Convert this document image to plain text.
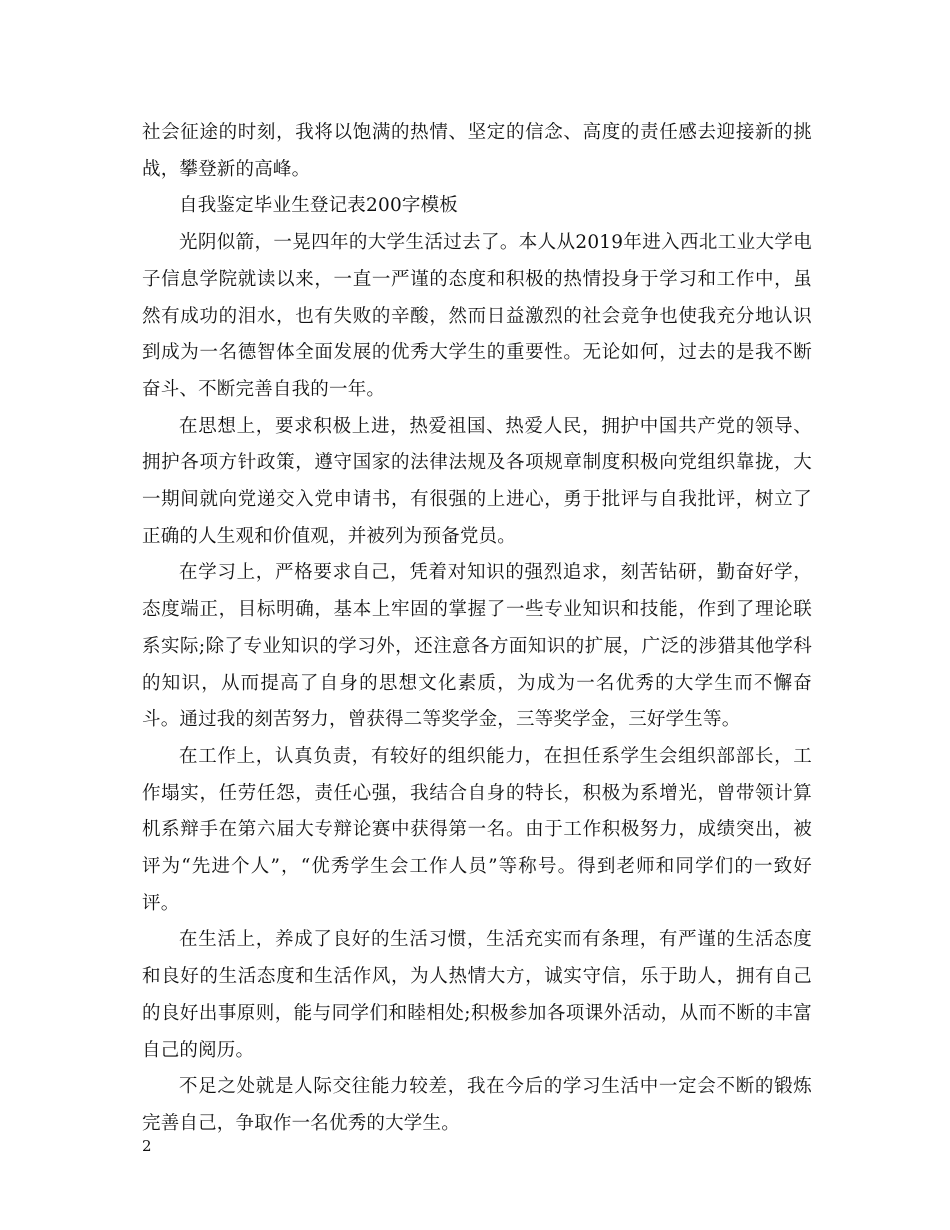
社会征途的时刻，我将以饱满的热情、坚定的信念、高度的责任感去迎接新的挑战，攀登新的高峰。

自我鉴定毕业生登记表200字模板

光阴似箭，一晃四年的大学生活过去了。本人从2019年进入西北工业大学电子信息学院就读以来，一直一严谨的态度和积极的热情投身于学习和工作中，虽然有成功的泪水，也有失败的辛酸，然而日益激烈的社会竞争也使我充分地认识到成为一名德智体全面发展的优秀大学生的重要性。无论如何，过去的是我不断奋斗、不断完善自我的一年。

在思想上，要求积极上进，热爱祖国、热爱人民，拥护中国共产党的领导、拥护各项方针政策，遵守国家的法律法规及各项规章制度积极向党组织靠拢，大一期间就向党递交入党申请书，有很强的上进心，勇于批评与自我批评，树立了正确的人生观和价值观，并被列为预备党员。

在学习上，严格要求自己，凭着对知识的强烈追求，刻苦钻研，勤奋好学，态度端正，目标明确，基本上牢固的掌握了一些专业知识和技能，作到了理论联系实际;除了专业知识的学习外，还注意各方面知识的扩展，广泛的涉猎其他学科的知识，从而提高了自身的思想文化素质，为成为一名优秀的大学生而不懈奋斗。通过我的刻苦努力，曾获得二等奖学金，三等奖学金，三好学生等。

在工作上，认真负责，有较好的组织能力，在担任系学生会组织部部长，工作塌实，任劳任怨，责任心强，我结合自身的特长，积极为系增光，曾带领计算机系辩手在第六届大专辩论赛中获得第一名。由于工作积极努力，成绩突出，被评为“先进个人”，“优秀学生会工作人员”等称号。得到老师和同学们的一致好评。

在生活上，养成了良好的生活习惯，生活充实而有条理，有严谨的生活态度和良好的生活态度和生活作风，为人热情大方，诚实守信，乐于助人，拥有自己的良好出事原则，能与同学们和睦相处;积极参加各项课外活动，从而不断的丰富自己的阅历。

不足之处就是人际交往能力较差，我在今后的学习生活中一定会不断的锻炼完善自己，争取作一名优秀的大学生。

2
